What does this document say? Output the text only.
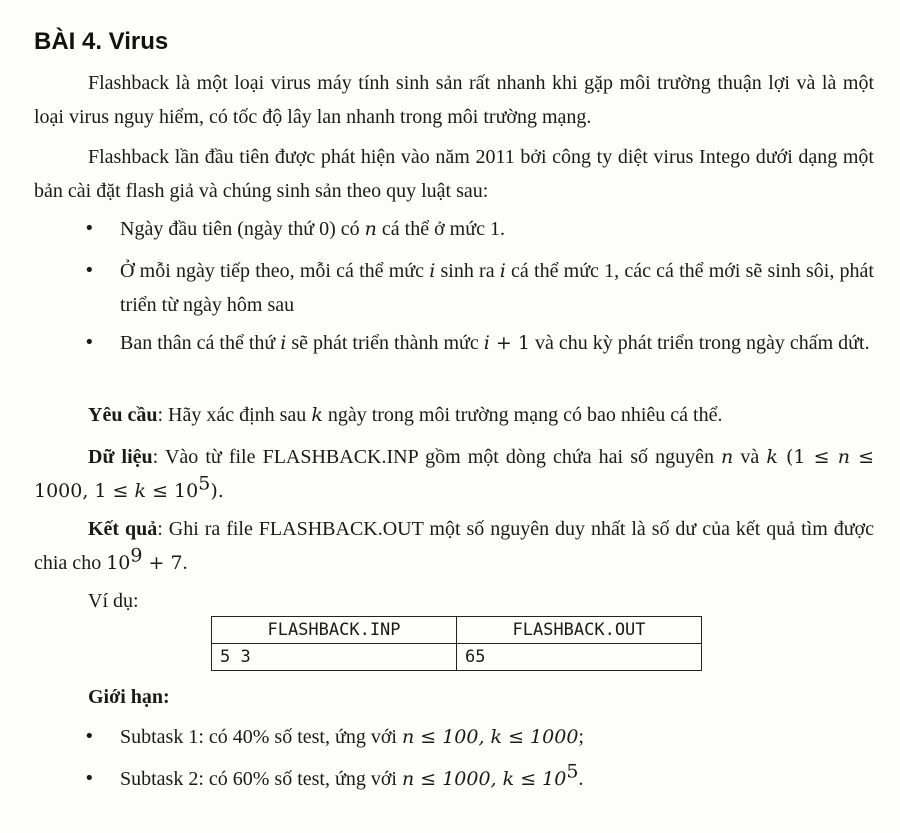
BÀI 4. Virus
Flashback là một loại virus máy tính sinh sản rất nhanh khi gặp môi trường thuận lợi và là một loại virus nguy hiểm, có tốc độ lây lan nhanh trong môi trường mạng.
Flashback lần đầu tiên được phát hiện vào năm 2011 bởi công ty diệt virus Intego dưới dạng một bản cài đặt flash giả và chúng sinh sản theo quy luật sau:
•	Ngày đầu tiên (ngày thứ 0) có n cá thể ở mức 1.
•	Ở mỗi ngày tiếp theo, mỗi cá thể mức i sinh ra i cá thể mức 1, các cá thể mới sẽ sinh sôi, phát triển từ ngày hôm sau
•	Ban thân cá thể thứ i sẽ phát triển thành mức i + 1 và chu kỳ phát triển trong ngày chấm dứt.
Yêu cầu: Hãy xác định sau k ngày trong môi trường mạng có bao nhiêu cá thể.
Dữ liệu: Vào từ file FLASHBACK.INP gồm một dòng chứa hai số nguyên n và k (1 ≤ n ≤ 1000, $1 \le k \le 10^5$).
Kết quả: Ghi ra file FLASHBACK.OUT một số nguyên duy nhất là số dư của kết quả tìm được chia cho $10^9 + 7$.
Ví dụ:
FLASHBACK.INP	FLASHBACK.OUT
5 3	65
Giới hạn:
•	Subtask 1: có 40% số test, ứng với n ≤ 100, k ≤ 1000;
•	Subtask 2: có 60% số test, ứng với n ≤ 1000, $k \le 10^5$.
